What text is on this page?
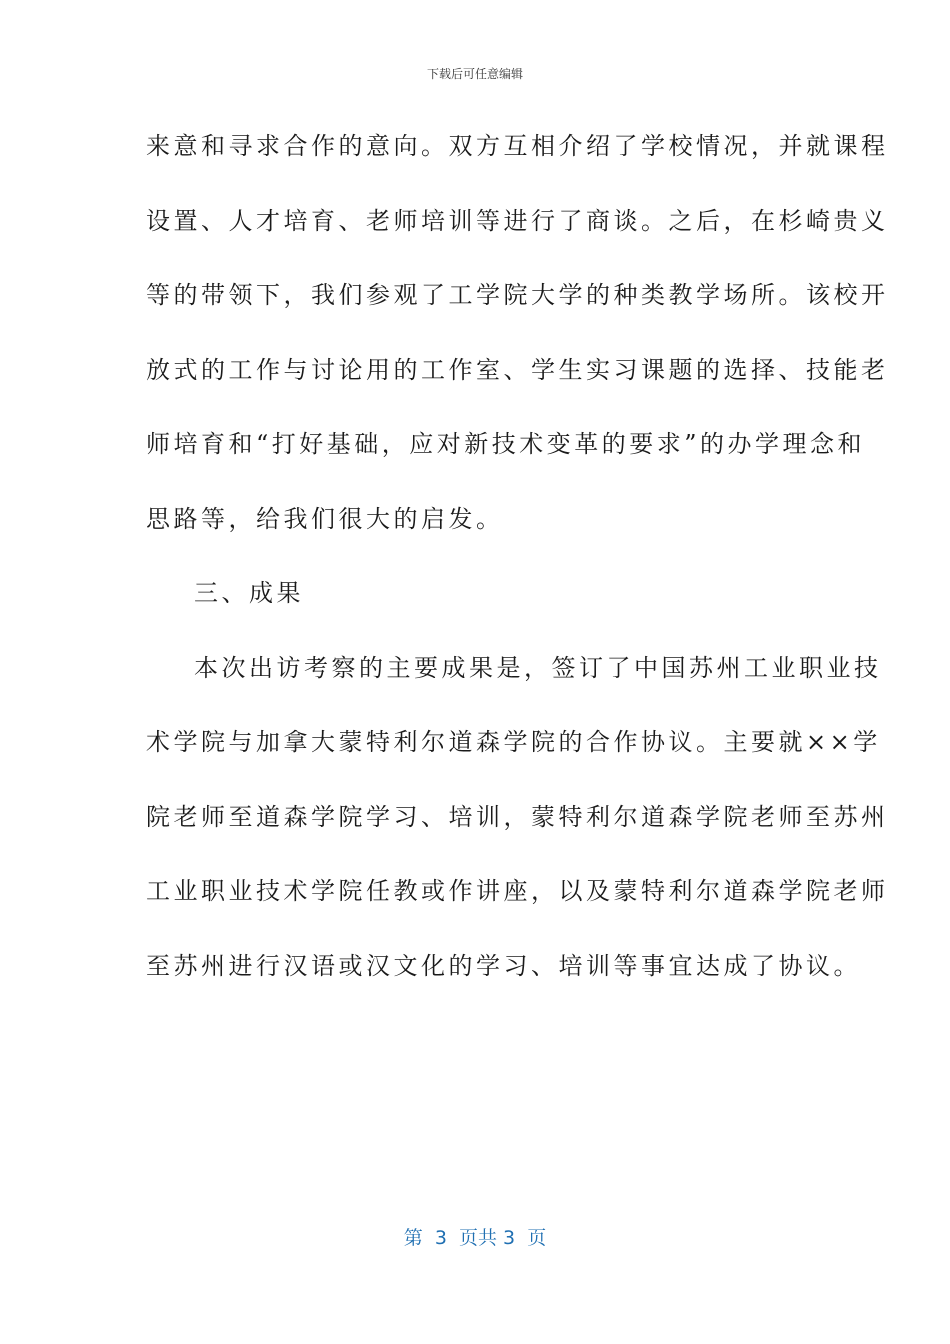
下载后可任意编辑
来意和寻求合作的意向。双方互相介绍了学校情况，并就课程
设置、人才培育、老师培训等进行了商谈。之后，在杉崎贵义
等的带领下，我们参观了工学院大学的种类教学场所。该校开
放式的工作与讨论用的工作室、学生实习课题的选择、技能老
师培育和“打好基础，应对新技术变革的要求”的办学理念和
思路等，给我们很大的启发。
三、成果
本次出访考察的主要成果是，签订了中国苏州工业职业技
术学院与加拿大蒙特利尔道森学院的合作协议。主要就××学
院老师至道森学院学习、培训，蒙特利尔道森学院老师至苏州
工业职业技术学院任教或作讲座，以及蒙特利尔道森学院老师
至苏州进行汉语或汉文化的学习、培训等事宜达成了协议。
第  3  页共 3  页
